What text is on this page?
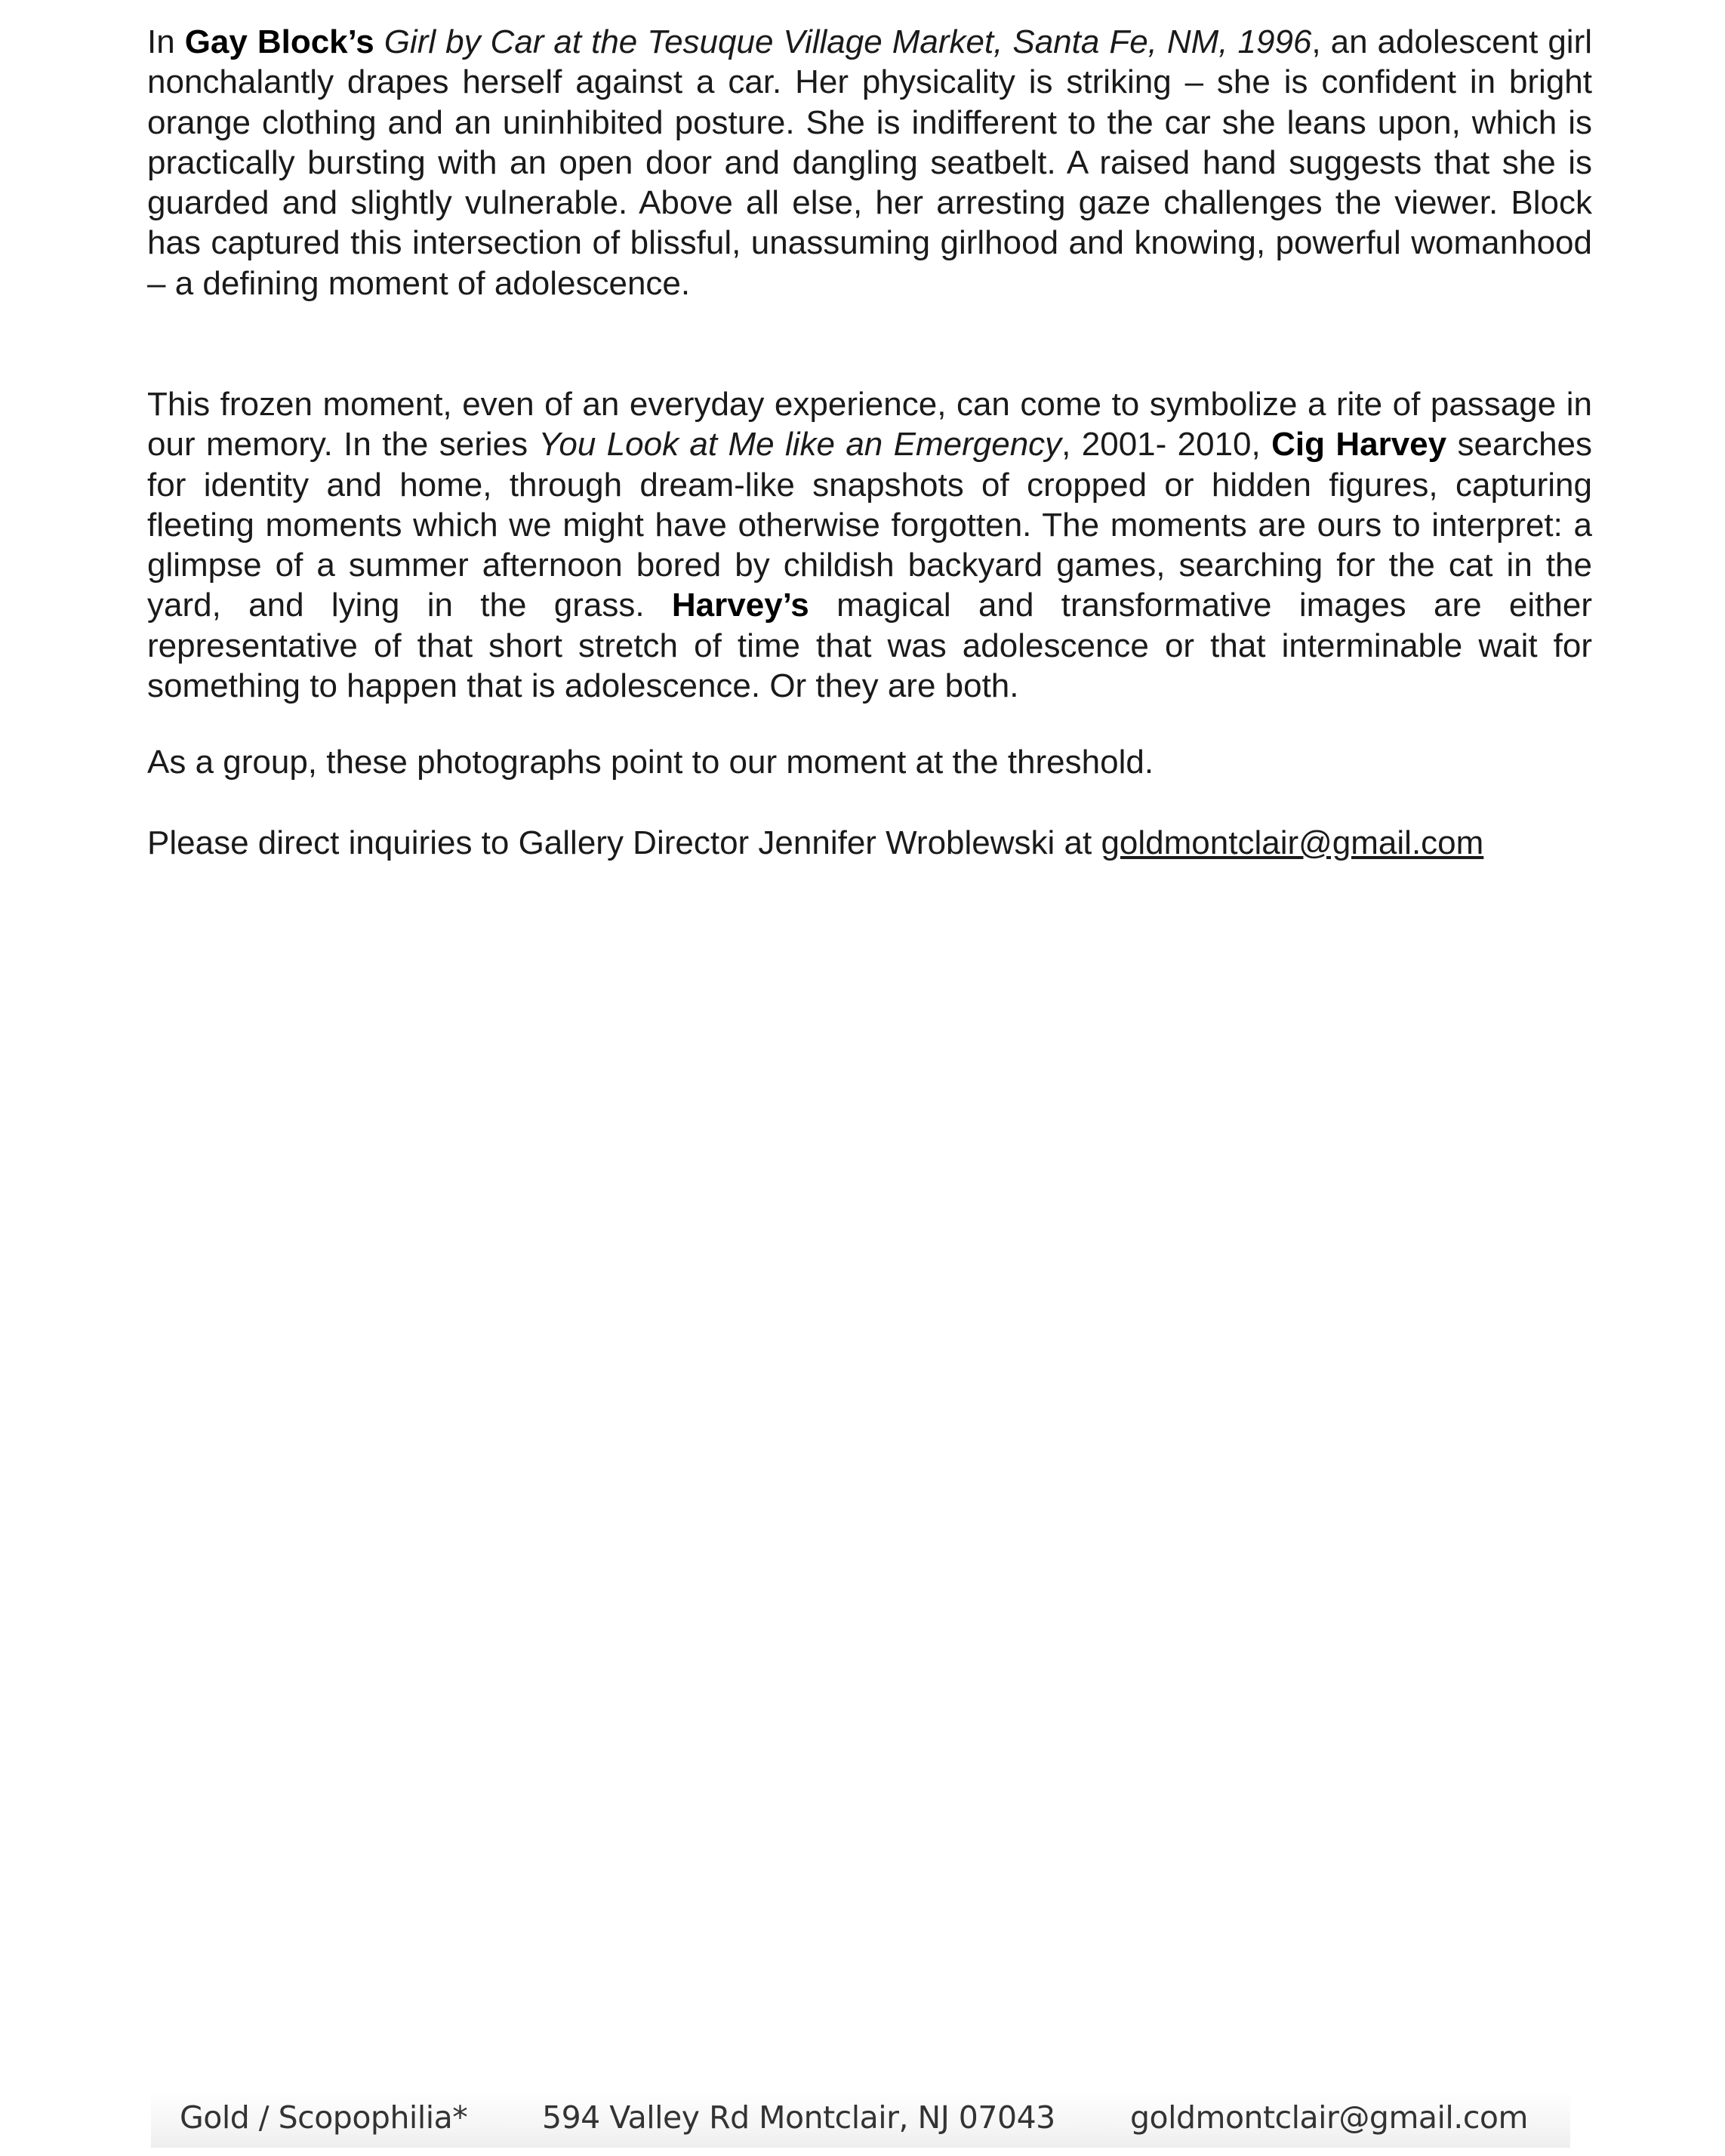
In Gay Block’s Girl by Car at the Tesuque Village Market, Santa Fe, NM, 1996, an adolescent girl nonchalantly drapes herself against a car. Her physicality is striking – she is confident in bright orange clothing and an uninhibited posture. She is indifferent to the car she leans upon, which is practically bursting with an open door and dangling seatbelt. A raised hand suggests that she is guarded and slightly vulnerable. Above all else, her arresting gaze challenges the viewer. Block has captured this intersection of blissful, unassuming girlhood and knowing, powerful womanhood – a defining moment of adolescence.

This frozen moment, even of an everyday experience, can come to symbolize a rite of passage in our memory. In the series You Look at Me like an Emergency, 2001- 2010, Cig Harvey searches for identity and home, through dream-like snapshots of cropped or hidden figures, capturing fleeting moments which we might have otherwise forgotten. The moments are ours to interpret: a glimpse of a summer afternoon bored by childish backyard games, searching for the cat in the yard, and lying in the grass. Harvey’s magical and transformative images are either representative of that short stretch of time that was adolescence or that interminable wait for something to happen that is adolescence. Or they are both.

As a group, these photographs point to our moment at the threshold.

Please direct inquiries to Gallery Director Jennifer Wroblewski at goldmontclair@gmail.com

Gold / Scopophilia* 594 Valley Rd Montclair, NJ 07043 goldmontclair@gmail.com
